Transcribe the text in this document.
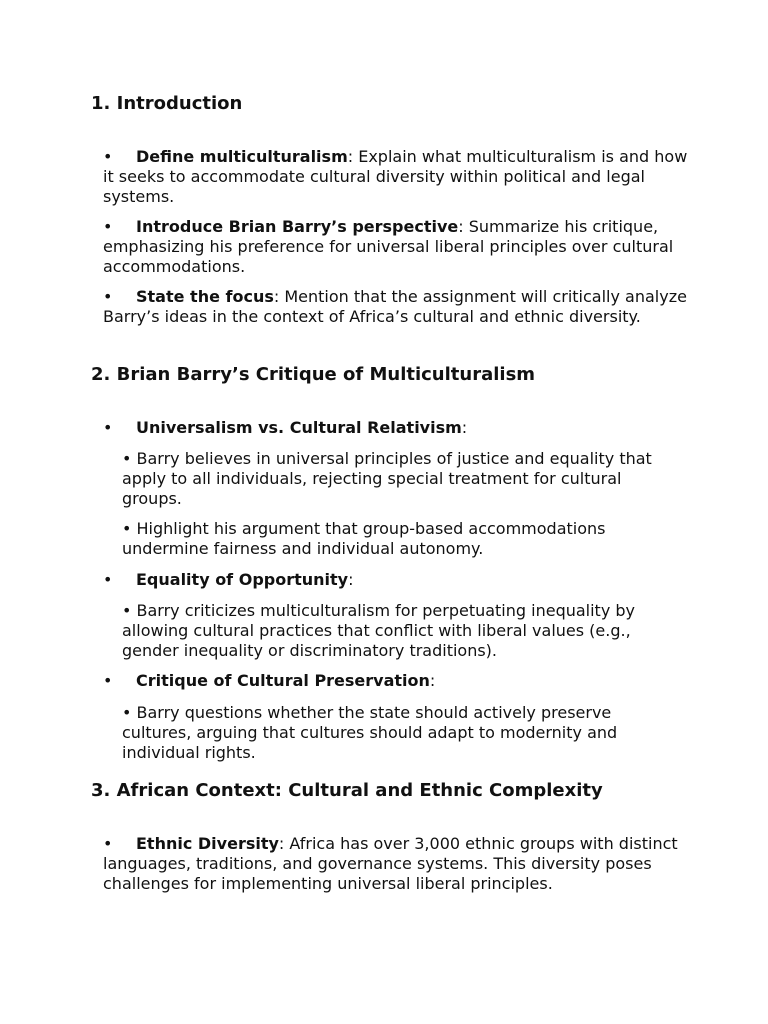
1. Introduction

• Define multiculturalism: Explain what multiculturalism is and how it seeks to accommodate cultural diversity within political and legal systems.

• Introduce Brian Barry’s perspective: Summarize his critique, emphasizing his preference for universal liberal principles over cultural accommodations.

• State the focus: Mention that the assignment will critically analyze Barry’s ideas in the context of Africa’s cultural and ethnic diversity.

2. Brian Barry’s Critique of Multiculturalism

• Universalism vs. Cultural Relativism:

• Barry believes in universal principles of justice and equality that apply to all individuals, rejecting special treatment for cultural groups.

• Highlight his argument that group-based accommodations undermine fairness and individual autonomy.

• Equality of Opportunity:

• Barry criticizes multiculturalism for perpetuating inequality by allowing cultural practices that conflict with liberal values (e.g., gender inequality or discriminatory traditions).

• Critique of Cultural Preservation:

• Barry questions whether the state should actively preserve cultures, arguing that cultures should adapt to modernity and individual rights.

3. African Context: Cultural and Ethnic Complexity

• Ethnic Diversity: Africa has over 3,000 ethnic groups with distinct languages, traditions, and governance systems. This diversity poses challenges for implementing universal liberal principles.
